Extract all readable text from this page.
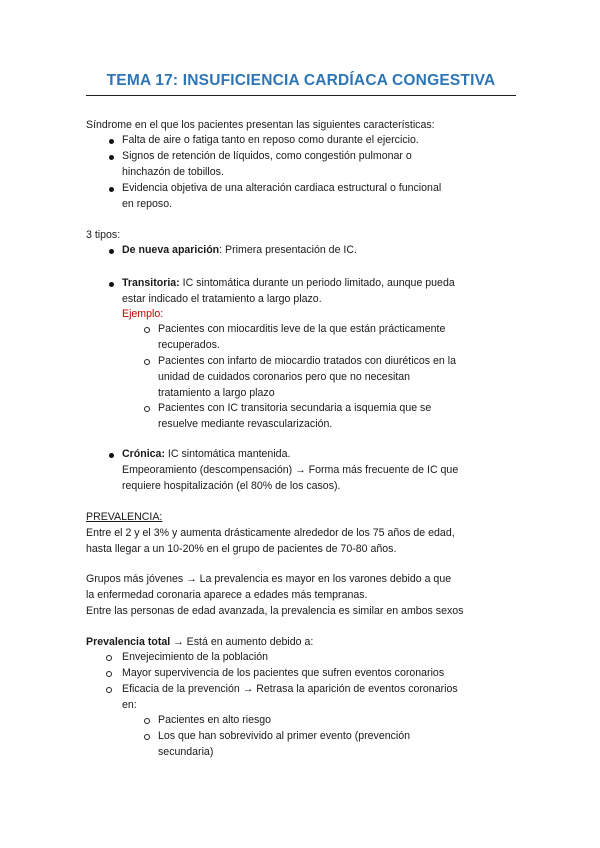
TEMA 17: INSUFICIENCIA CARDÍACA CONGESTIVA
Síndrome en el que los pacientes presentan las siguientes características:
Falta de aire o fatiga tanto en reposo como durante el ejercicio.
Signos de retención de líquidos, como congestión pulmonar o
hinchazón de tobillos.
Evidencia objetiva de una alteración cardiaca estructural o funcional
en reposo.
3 tipos:
De nueva aparición: Primera presentación de IC.
Transitoria: IC sintomática durante un periodo limitado, aunque pueda
estar indicado el tratamiento a largo plazo.
Ejemplo:
Pacientes con miocarditis leve de la que están prácticamente
recuperados.
Pacientes con infarto de miocardio tratados con diuréticos en la
unidad de cuidados coronarios pero que no necesitan
tratamiento a largo plazo
Pacientes con IC transitoria secundaria a isquemia que se
resuelve mediante revascularización.
Crónica: IC sintomática mantenida.
Empeoramiento (descompensación) → Forma más frecuente de IC que
requiere hospitalización (el 80% de los casos).
PREVALENCIA:
Entre el 2 y el 3% y aumenta drásticamente alrededor de los 75 años de edad,
hasta llegar a un 10-20% en el grupo de pacientes de 70-80 años.
Grupos más jóvenes → La prevalencia es mayor en los varones debido a que
la enfermedad coronaria aparece a edades más tempranas.
Entre las personas de edad avanzada, la prevalencia es similar en ambos sexos
Prevalencia total → Está en aumento debido a:
Envejecimiento de la población
Mayor supervivencia de los pacientes que sufren eventos coronarios
Eficacia de la prevención → Retrasa la aparición de eventos coronarios
en:
Pacientes en alto riesgo
Los que han sobrevivido al primer evento (prevención
secundaria)
